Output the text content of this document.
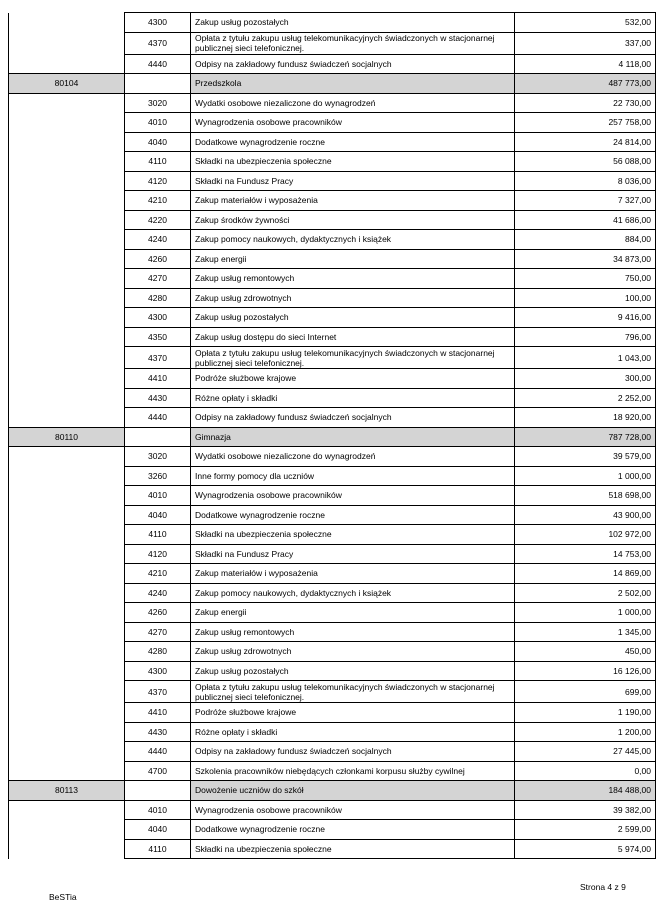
	4300	Zakup usług pozostałych	532,00
	4370	Opłata z tytułu zakupu usług telekomunikacyjnych świadczonych w stacjonarnej publicznej sieci telefonicznej.	337,00
	4440	Odpisy na zakładowy fundusz świadczeń socjalnych	4 118,00
80104		Przedszkola	487 773,00
	3020	Wydatki osobowe niezaliczone do wynagrodzeń	22 730,00
	4010	Wynagrodzenia osobowe pracowników	257 758,00
	4040	Dodatkowe wynagrodzenie roczne	24 814,00
	4110	Składki na ubezpieczenia społeczne	56 088,00
	4120	Składki na Fundusz Pracy	8 036,00
	4210	Zakup materiałów i wyposażenia	7 327,00
	4220	Zakup środków żywności	41 686,00
	4240	Zakup pomocy naukowych, dydaktycznych i książek	884,00
	4260	Zakup energii	34 873,00
	4270	Zakup usług remontowych	750,00
	4280	Zakup usług zdrowotnych	100,00
	4300	Zakup usług pozostałych	9 416,00
	4350	Zakup usług dostępu do sieci Internet	796,00
	4370	Opłata z tytułu zakupu usług telekomunikacyjnych świadczonych w stacjonarnej publicznej sieci telefonicznej.	1 043,00
	4410	Podróże służbowe krajowe	300,00
	4430	Różne opłaty i składki	2 252,00
	4440	Odpisy na zakładowy fundusz świadczeń socjalnych	18 920,00
80110		Gimnazja	787 728,00
	3020	Wydatki osobowe niezaliczone do wynagrodzeń	39 579,00
	3260	Inne formy pomocy dla uczniów	1 000,00
	4010	Wynagrodzenia osobowe pracowników	518 698,00
	4040	Dodatkowe wynagrodzenie roczne	43 900,00
	4110	Składki na ubezpieczenia społeczne	102 972,00
	4120	Składki na Fundusz Pracy	14 753,00
	4210	Zakup materiałów i wyposażenia	14 869,00
	4240	Zakup pomocy naukowych, dydaktycznych i książek	2 502,00
	4260	Zakup energii	1 000,00
	4270	Zakup usług remontowych	1 345,00
	4280	Zakup usług zdrowotnych	450,00
	4300	Zakup usług pozostałych	16 126,00
	4370	Opłata z tytułu zakupu usług telekomunikacyjnych świadczonych w stacjonarnej publicznej sieci telefonicznej.	699,00
	4410	Podróże służbowe krajowe	1 190,00
	4430	Różne opłaty i składki	1 200,00
	4440	Odpisy na zakładowy fundusz świadczeń socjalnych	27 445,00
	4700	Szkolenia pracowników niebędących członkami korpusu służby cywilnej	0,00
80113		Dowożenie uczniów do szkół	184 488,00
	4010	Wynagrodzenia osobowe pracowników	39 382,00
	4040	Dodatkowe wynagrodzenie roczne	2 599,00
	4110	Składki na ubezpieczenia społeczne	5 974,00
BeSTia
Strona 4 z 9
